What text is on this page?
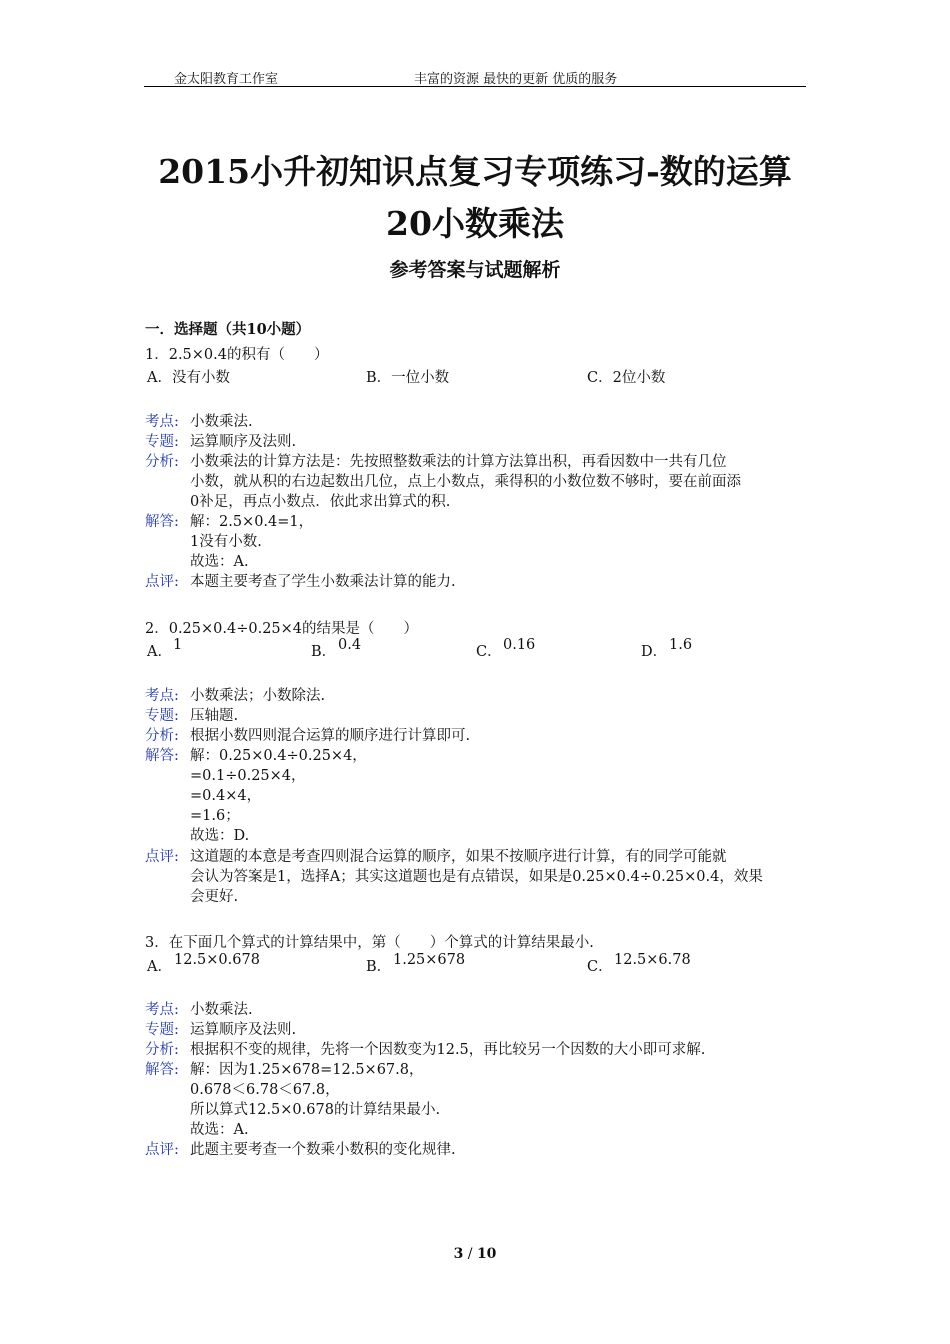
金太阳教育工作室	丰富的资源 最快的更新 优质的服务
2015小升初知识点复习专项练习-数的运算
20小数乘法
参考答案与试题解析
一．选择题（共10小题）
1．2.5×0.4的积有（　　）
A．没有小数	B．一位小数	C．2位小数
考点: 小数乘法.
专题: 运算顺序及法则.
分析: 小数乘法的计算方法是：先按照整数乘法的计算方法算出积，再看因数中一共有几位
小数，就从积的右边起数出几位，点上小数点，乘得积的小数位数不够时，要在前面添
0补足，再点小数点．依此求出算式的积.
解答: 解：2.5×0.4=1，
1没有小数.
故选：A.
点评: 本题主要考查了学生小数乘法计算的能力.
2．0.25×0.4÷0.25×4的结果是（　　）
A． 1	B． 0.4	C． 0.16	D． 1.6
考点: 小数乘法；小数除法.
专题: 压轴题.
分析: 根据小数四则混合运算的顺序进行计算即可.
解答: 解：0.25×0.4÷0.25×4，
=0.1÷0.25×4，
=0.4×4，
=1.6；
故选：D.
点评: 这道题的本意是考查四则混合运算的顺序，如果不按顺序进行计算，有的同学可能就
会认为答案是1，选择A；其实这道题也是有点错误，如果是0.25×0.4÷0.25×0.4，效果
会更好.
3．在下面几个算式的计算结果中，第（　　）个算式的计算结果最小.
A． 12.5×0.678	B． 1.25×678	C． 12.5×6.78
考点: 小数乘法.
专题: 运算顺序及法则.
分析: 根据积不变的规律，先将一个因数变为12.5，再比较另一个因数的大小即可求解.
解答: 解：因为1.25×678=12.5×67.8，
0.678＜6.78＜67.8，
所以算式12.5×0.678的计算结果最小.
故选：A.
点评: 此题主要考查一个数乘小数积的变化规律.
3 / 10
